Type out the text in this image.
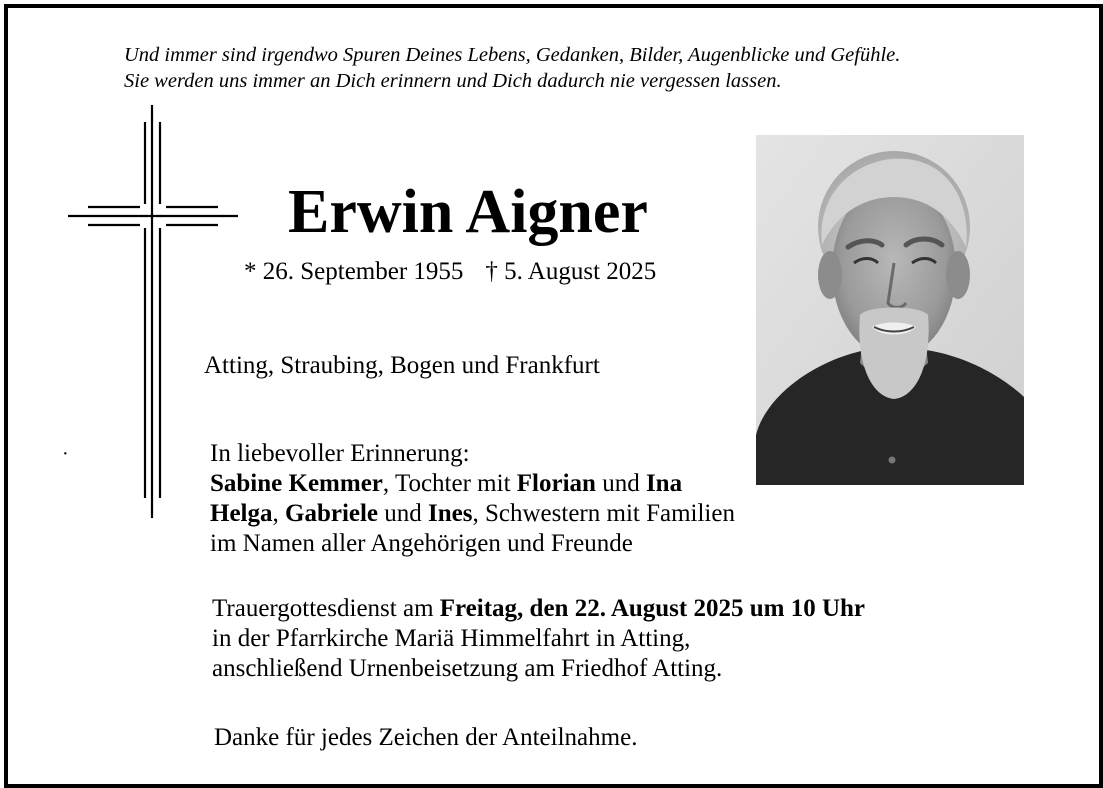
Und immer sind irgendwo Spuren Deines Lebens, Gedanken, Bilder, Augenblicke und Gefühle.
Sie werden uns immer an Dich erinnern und Dich dadurch nie vergessen lassen.
Erwin Aigner
* 26. September 1955 † 5. August 2025
Atting, Straubing, Bogen und Frankfurt
·	In liebevoller Erinnerung:
Sabine Kemmer, Tochter mit Florian und Ina
Helga, Gabriele und Ines, Schwestern mit Familien
im Namen aller Angehörigen und Freunde
Trauergottesdienst am Freitag, den 22. August 2025 um 10 Uhr
in der Pfarrkirche Mariä Himmelfahrt in Atting,
anschließend Urnenbeisetzung am Friedhof Atting.
Danke für jedes Zeichen der Anteilnahme.
